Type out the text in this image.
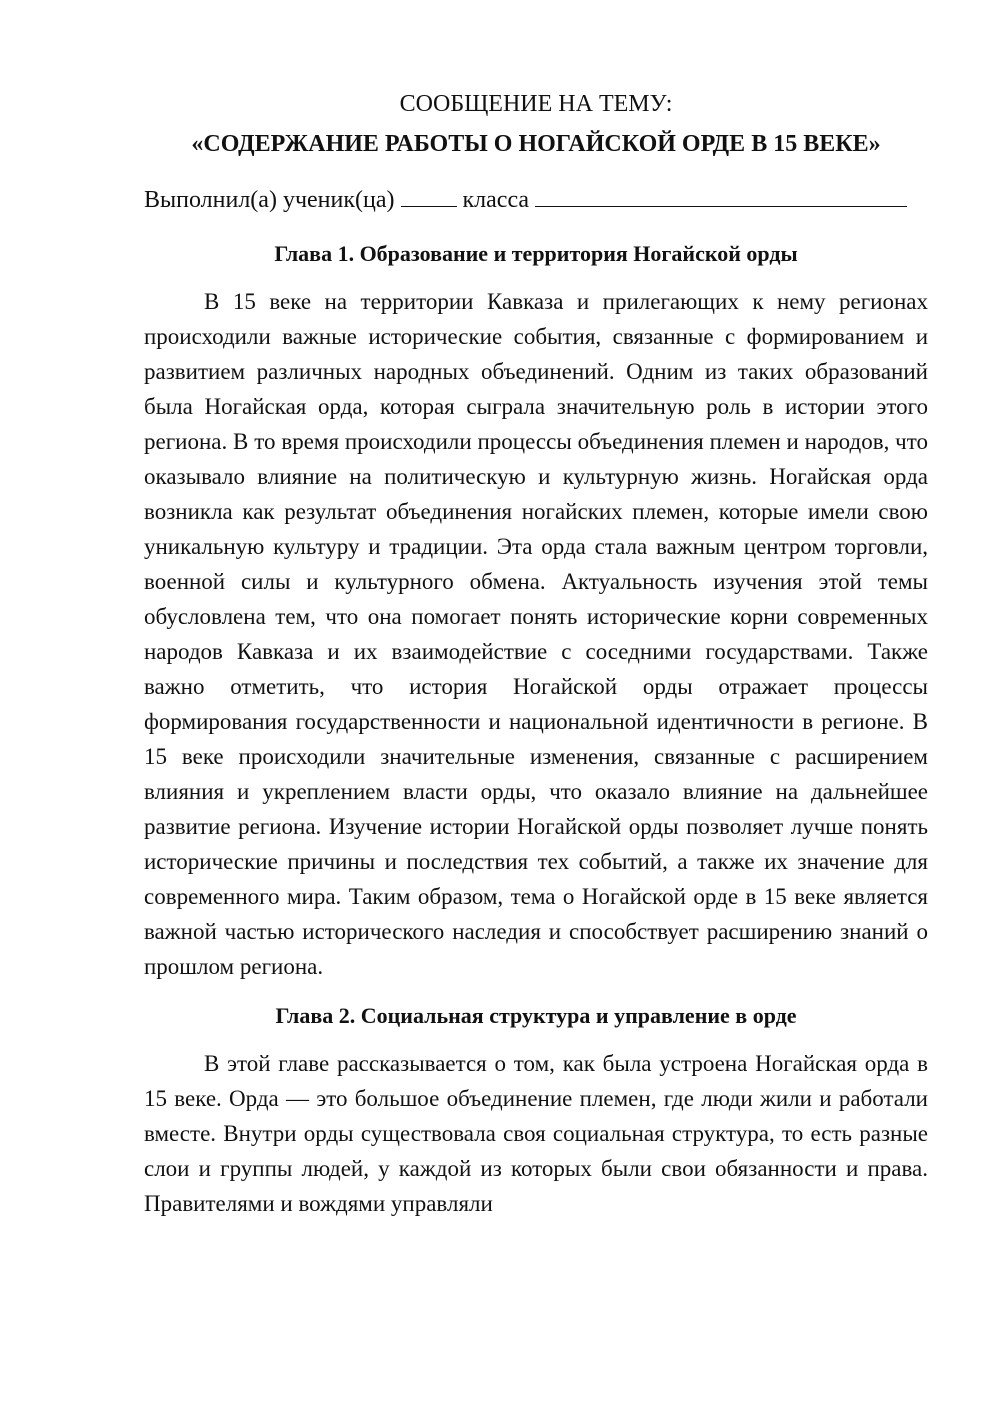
СООБЩЕНИЕ НА ТЕМУ:

«СОДЕРЖАНИЕ РАБОТЫ О НОГАЙСКОЙ ОРДЕ В 15 ВЕКЕ»

Выполнил(а) ученик(ца)	класса
Глава 1. Образование и территория Ногайской орды

В 15 веке на территории Кавказа и прилегающих к нему регионах происходили важные исторические события, связанные с формированием и развитием различных народных объединений. Одним из таких образований была Ногайская орда, которая сыграла значительную роль в истории этого региона. В то время происходили процессы объединения племен и народов, что оказывало влияние на политическую и культурную жизнь. Ногайская орда возникла как результат объединения ногайских племен, которые имели свою уникальную культуру и традиции. Эта орда стала важным центром торговли, военной силы и культурного обмена. Актуальность изучения этой темы обусловлена тем, что она помогает понять исторические корни современных народов Кавказа и их взаимодействие с соседними государствами. Также важно отметить, что история Ногайской орды отражает процессы формирования государственности и национальной идентичности в регионе. В 15 веке происходили значительные изменения, связанные с расширением влияния и укреплением власти орды, что оказало влияние на дальнейшее развитие региона. Изучение истории Ногайской орды позволяет лучше понять исторические причины и последствия тех событий, а также их значение для современного мира. Таким образом, тема о Ногайской орде в 15 веке является важной частью исторического наследия и способствует расширению знаний о прошлом региона.

Глава 2. Социальная структура и управление в орде

В этой главе рассказывается о том, как была устроена Ногайская орда в 15 веке. Орда — это большое объединение племен, где люди жили и работали вместе. Внутри орды существовала своя социальная структура, то есть разные слои и группы людей, у каждой из которых были свои обязанности и права. Правителями и вождями управляли
